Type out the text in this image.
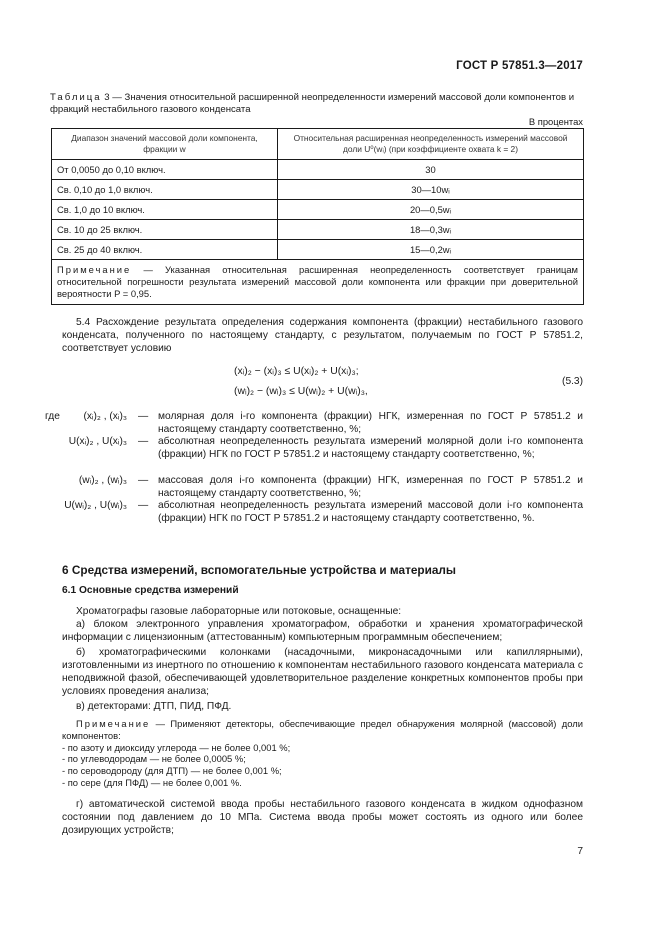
ГОСТ Р 57851.3—2017
Таблица 3 — Значения относительной расширенной неопределенности измерений массовой доли компонентов и фракций нестабильного газового конденсата
В процентах
Диапазон значений массовой доли компонента, фракции w	Относительная расширенная неопределенность измерений массовой доли U⁰(wᵢ) (при коэффициенте охвата k = 2)
От 0,0050 до 0,10 включ.	30
Св. 0,10 до 1,0 включ.	30—10wᵢ
Св. 1,0 до 10 включ.	20—0,5wᵢ
Св. 10 до 25 включ.	18—0,3wᵢ
Св. 25 до 40 включ.	15—0,2wᵢ
Примечание — Указанная относительная расширенная неопределенность соответствует границам относительной погрешности результата измерений массовой доли компонента или фракции при доверительной вероятности P = 0,95.	
5.4 Расхождение результата определения содержания компонента (фракции) нестабильного газового конденсата, полученного по настоящему стандарту, с результатом, получаемым по ГОСТ Р 57851.2, соответствует условию
(xᵢ)₂ − (xᵢ)₃ ≤ U(xᵢ)₂ + U(xᵢ)₃;
(wᵢ)₂ − (wᵢ)₃ ≤ U(wᵢ)₂ + U(wᵢ)₃,
(5.3)
где	(xᵢ)₂ , (xᵢ)₃ — молярная доля i-го компонента (фракции) НГК, измеренная по ГОСТ Р 57851.2 и настоящему стандарту соответственно, %;
U(xᵢ)₂ , U(xᵢ)₃ — абсолютная неопределенность результата измерений молярной доли i-го компонента (фракции) НГК по ГОСТ Р 57851.2 и настоящему стандарту соответственно, %;
(wᵢ)₂ , (wᵢ)₃ — массовая доля i-го компонента (фракции) НГК, измеренная по ГОСТ Р 57851.2 и настоящему стандарту соответственно, %;
U(wᵢ)₂ , U(wᵢ)₃ — абсолютная неопределенность результата измерений массовой доли i-го компонента (фракции) НГК по ГОСТ Р 57851.2 и настоящему стандарту соответственно, %.
6 Средства измерений, вспомогательные устройства и материалы
6.1 Основные средства измерений
Хроматографы газовые лабораторные или потоковые, оснащенные:
а) блоком электронного управления хроматографом, обработки и хранения хроматографической информации с лицензионным (аттестованным) компьютерным программным обеспечением;
б) хроматографическими колонками (насадочными, микронасадочными или капиллярными), изготовленными из инертного по отношению к компонентам нестабильного газового конденсата материала с неподвижной фазой, обеспечивающей удовлетворительное разделение конкретных компонентов пробы при условиях проведения анализа;
в) детекторами: ДТП, ПИД, ПФД.
Примечание — Применяют детекторы, обеспечивающие предел обнаружения молярной (массовой) доли компонентов:
- по азоту и диоксиду углерода — не более 0,001 %;
- по углеводородам — не более 0,0005 %;
- по сероводороду (для ДТП) — не более 0,001 %;
- по сере (для ПФД) — не более 0,001 %.
г) автоматической системой ввода пробы нестабильного газового конденсата в жидком однофазном состоянии под давлением до 10 МПа. Система ввода пробы может состоять из одного или более дозирующих устройств;
7
